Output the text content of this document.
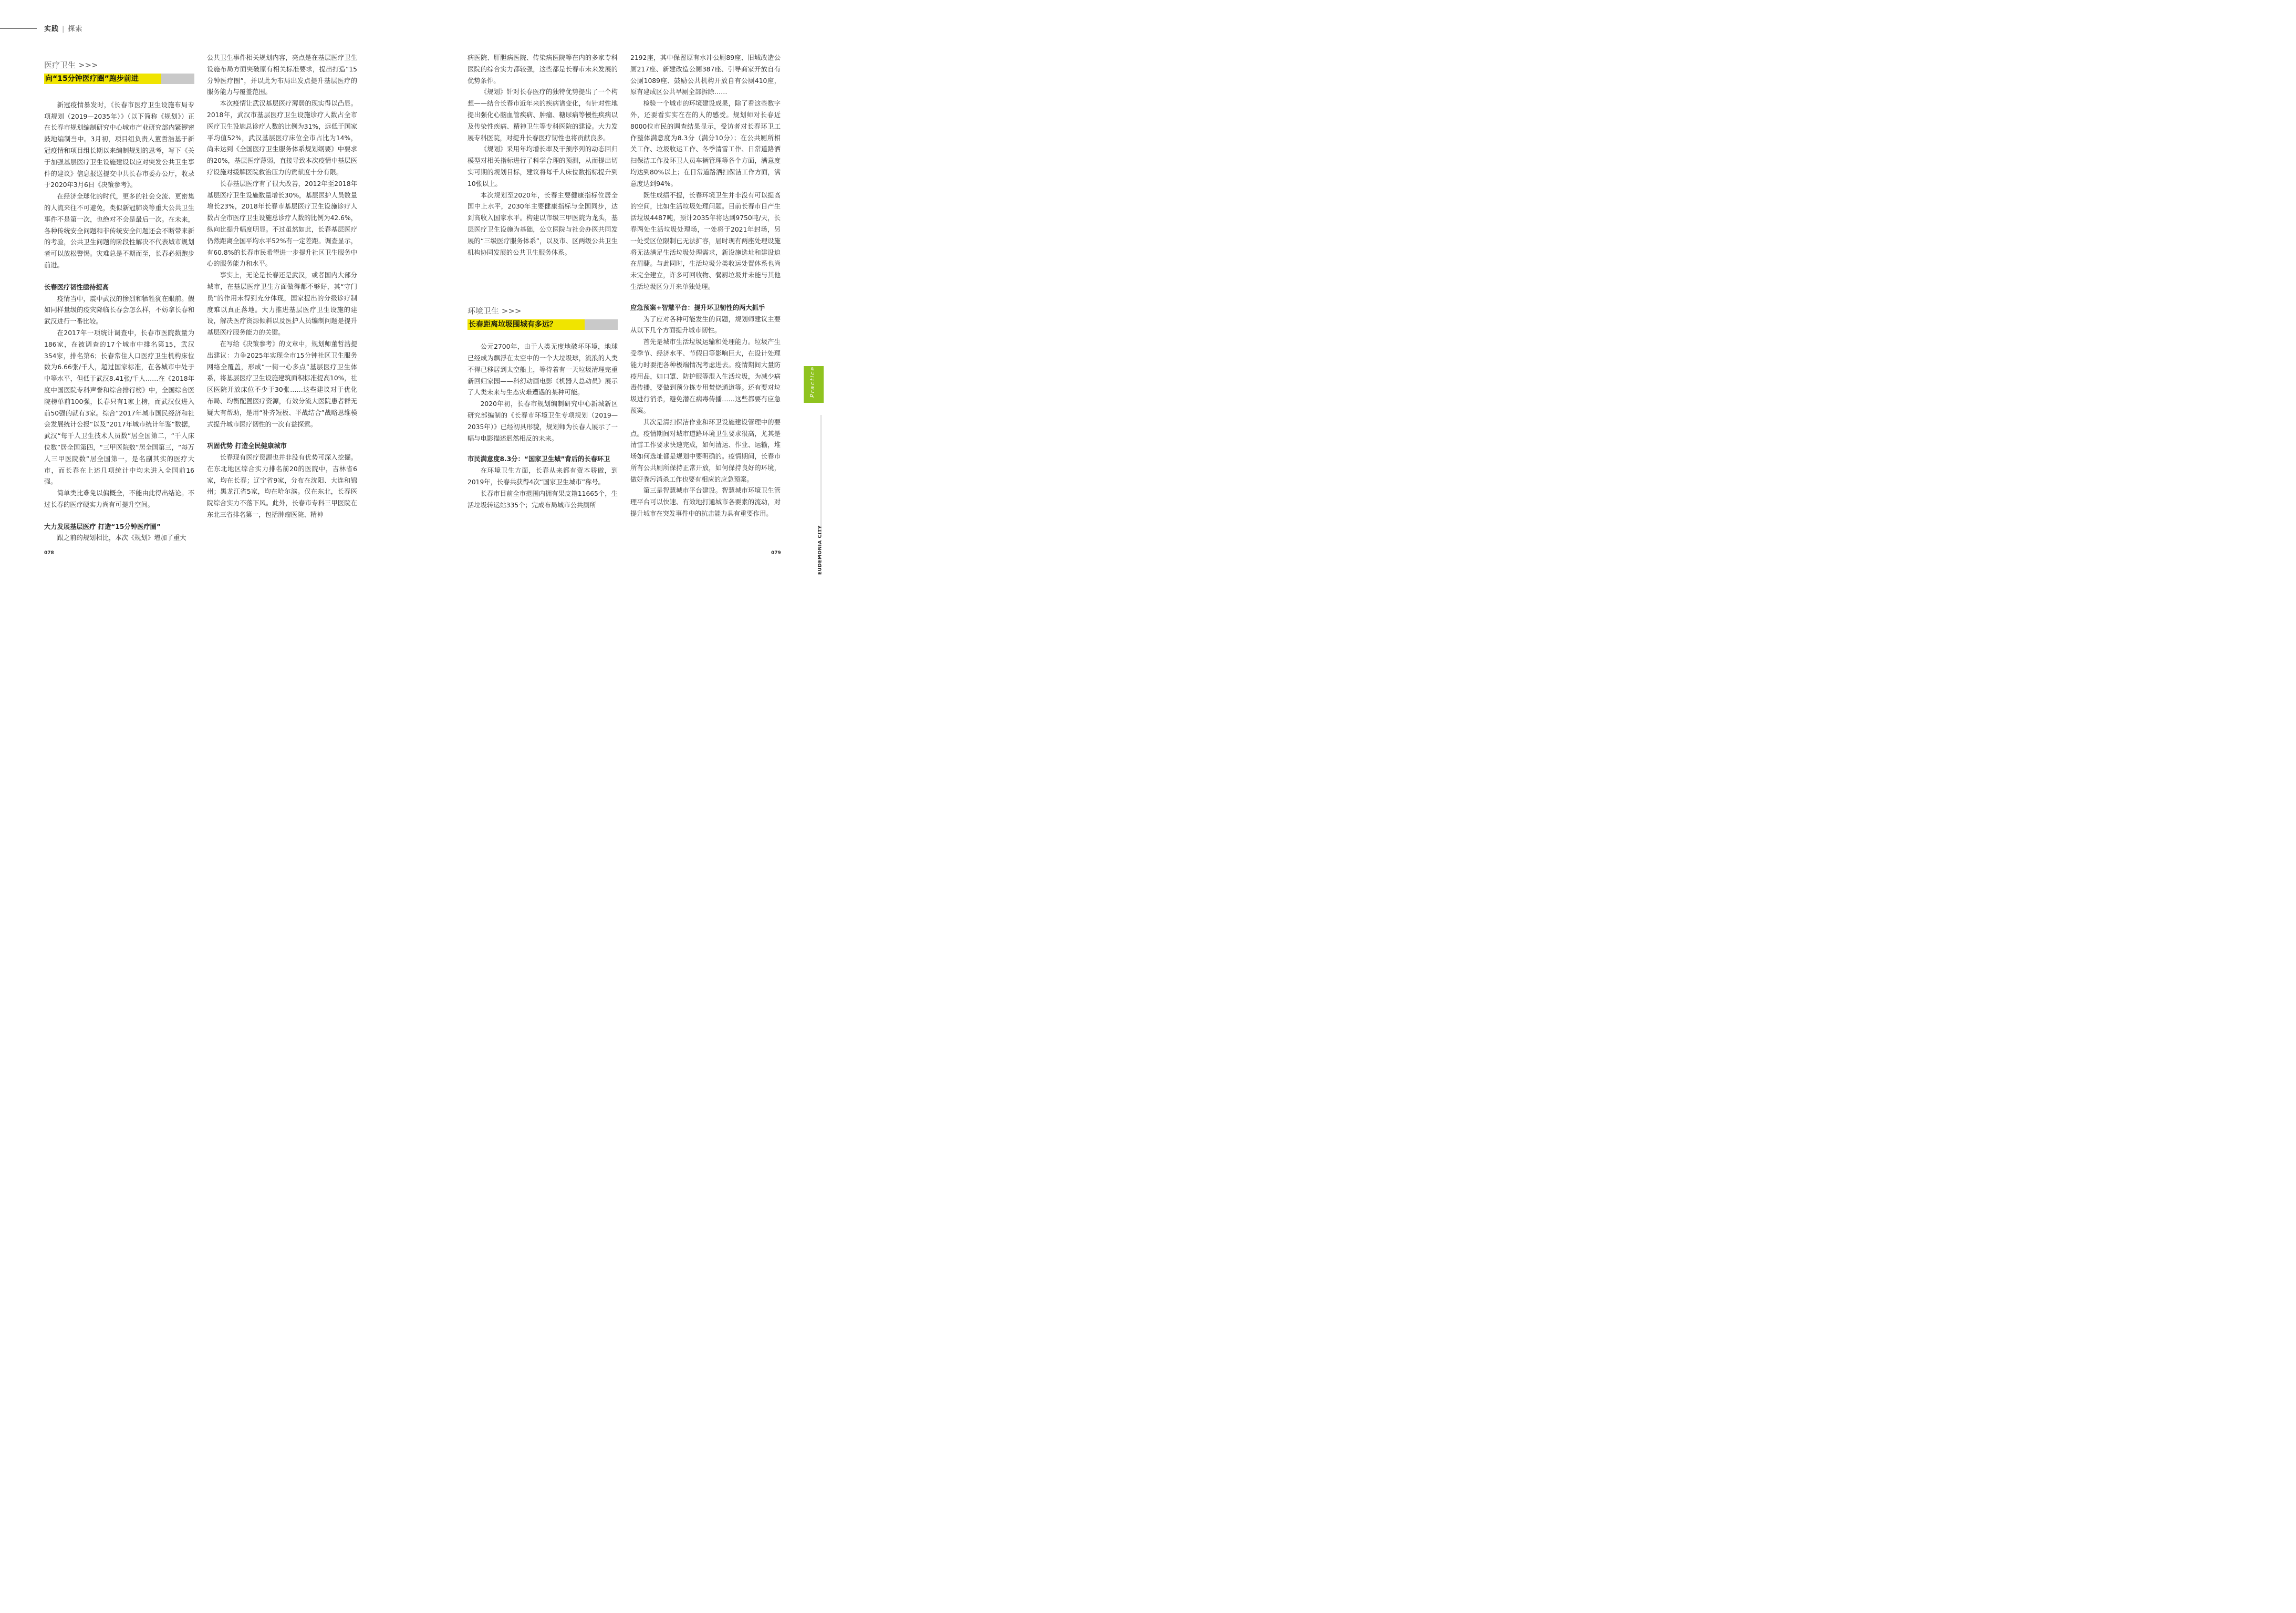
实践 | 探索
医疗卫生 >>>
向“15分钟医疗圈”跑步前进

新冠疫情暴发时，《长春市医疗卫生设施布局专项规划（2019—2035年）》（以下简称《规划》）正在长春市规划编制研究中心城市产业研究部内紧锣密鼓地编制当中。3月初，项目组负责人董哲浩基于新冠疫情和项目组长期以来编制规划的思考，写下《关于加强基层医疗卫生设施建设以应对突发公共卫生事件的建议》信息报送提交中共长春市委办公厅，收录于2020年3月6日《决策参考》。

在经济全球化的时代，更多的社会交流、更密集的人流来往不可避免，类似新冠肺炎等重大公共卫生事件不是第一次，也绝对不会是最后一次。在未来，各种传统安全问题和非传统安全问题还会不断带来新的考验，公共卫生问题的阶段性解决不代表城市规划者可以放松警惕。灾难总是不期而至，长春必须跑步前进。

长春医疗韧性亟待提高

疫情当中，震中武汉的惨烈和牺牲犹在眼前。假如同样量级的疫灾降临长春会怎么样，不妨拿长春和武汉进行一番比较。

在2017年一项统计调查中，长春市医院数量为186家，在被调查的17个城市中排名第15，武汉354家，排名第6；长春常住人口医疗卫生机构床位数为6.66张/千人，超过国家标准，在各城市中处于中等水平，但低于武汉8.41张/千人……在《2018年度中国医院专科声誉和综合排行榜》中，全国综合医院榜单前100强，长春只有1家上榜，而武汉仅进入前50强的就有3家。综合“2017年城市国民经济和社会发展统计公报”以及“2017年城市统计年鉴”数据，武汉“每千人卫生技术人员数”居全国第二，“千人床位数”居全国第四，“三甲医院数”居全国第三，“每万人三甲医院数”居全国第一，是名副其实的医疗大市，而长春在上述几项统计中均未进入全国前16强。

简单类比难免以偏概全，不能由此得出结论。不过长春的医疗硬实力尚有可提升空间。

大力发展基层医疗 打造“15分钟医疗圈”

跟之前的规划相比，本次《规划》增加了重大

公共卫生事件相关规划内容，亮点是在基层医疗卫生设施布局方面突破原有相关标准要求，提出打造“15分钟医疗圈”，并以此为布局出发点提升基层医疗的服务能力与覆盖范围。

本次疫情让武汉基层医疗薄弱的现实得以凸显。2018年，武汉市基层医疗卫生设施诊疗人数占全市医疗卫生设施总诊疗人数的比例为31%，远低于国家平均值52%，武汉基层医疗床位全市占比为14%，尚未达到《全国医疗卫生服务体系规划纲要》中要求的20%，基层医疗薄弱，直接导致本次疫情中基层医疗设施对缓解医院救治压力的贡献度十分有限。

长春基层医疗有了很大改善，2012年至2018年基层医疗卫生设施数量增长30%，基层医护人员数量增长23%，2018年长春市基层医疗卫生设施诊疗人数占全市医疗卫生设施总诊疗人数的比例为42.6%，纵向比提升幅度明显。不过虽然如此，长春基层医疗仍然距离全国平均水平52%有一定差距。调查显示，有60.8%的长春市民希望进一步提升社区卫生服务中心的服务能力和水平。

事实上，无论是长春还是武汉，或者国内大部分城市，在基层医疗卫生方面做得都不够好，其“守门员”的作用未得到充分体现，国家提出的分级诊疗制度难以真正落地。大力推进基层医疗卫生设施的建设，解决医疗资源倾斜以及医护人员编制问题是提升基层医疗服务能力的关键。

在写给《决策参考》的文章中，规划师董哲浩提出建议：力争2025年实现全市15分钟社区卫生服务网络全覆盖，形成“一街一心多点”基层医疗卫生体系，将基层医疗卫生设施建筑面积标准提高10%，社区医院开放床位不少于30张……这些建议对于优化布局、均衡配置医疗资源，有效分流大医院患者群无疑大有帮助，是用“补齐短板、平战结合”战略思维模式提升城市医疗韧性的一次有益探索。

巩固优势 打造全民健康城市

长春现有医疗资源也并非没有优势可深入挖掘。在东北地区综合实力排名前20的医院中，吉林省6家，均在长春；辽宁省9家，分布在沈阳、大连和锦州；黑龙江省5家，均在哈尔滨。仅在东北，长春医院综合实力不落下风。此外，长春市专科三甲医院在东北三省排名第一，包括肿瘤医院、精神

078

病医院、肝胆病医院、传染病医院等在内的多家专科医院的综合实力都较强，这些都是长春市未来发展的优势条件。

《规划》针对长春医疗的独特优势提出了一个构想——结合长春市近年来的疾病谱变化，有针对性地提出强化心脑血管疾病、肿瘤、糖尿病等慢性疾病以及传染性疾病、精神卫生等专科医院的建设。大力发展专科医院，对提升长春医疗韧性也将贡献良多。

《规划》采用年均增长率及干预序列的动态回归模型对相关指标进行了科学合理的预测，从而提出切实可期的规划目标，建议将每千人床位数指标提升到10张以上。

本次规划至2020年，长春主要健康指标位居全国中上水平，2030年主要健康指标与全国同步，达到高收入国家水平。构建以市级三甲医院为龙头，基层医疗卫生设施为基础，公立医院与社会办医共同发展的“三级医疗服务体系”，以及市、区两级公共卫生机构协同发展的公共卫生服务体系。

环境卫生 >>>
长春距离垃圾围城有多远？

公元2700年，由于人类无度地破坏环境，地球已经成为飘浮在太空中的一个大垃圾球，流浪的人类不得已移居到太空船上，等待着有一天垃圾清理完重新回归家园——科幻动画电影《机器人总动员》展示了人类未来与生态灾难遭遇的某种可能。

2020年初，长春市规划编制研究中心新城新区研究部编制的《长春市环境卫生专项规划（2019—2035年）》已经初具形貌，规划师为长春人展示了一幅与电影描述迥然相反的未来。

市民满意度8.3分：“国家卫生城”背后的长春环卫

在环境卫生方面，长春从来都有资本骄傲，到2019年，长春共获得4次“国家卫生城市”称号。

长春市目前全市范围内拥有果皮箱11665个，生活垃圾转运站335个；完成布局城市公共厕所

2192座，其中保留原有水冲公厕89座、旧城改造公厕217座、新建改造公厕387座、引导商家开放自有公厕1089座、鼓励公共机构开放自有公厕410座，原有建成区公共旱厕全部拆除……

检验一个城市的环境建设成果，除了看这些数字外，还要看实实在在的人的感受。规划师对长春近8000位市民的调查结果显示，受访者对长春环卫工作整体满意度为8.3分（满分10分）；在公共厕所相关工作、垃圾收运工作、冬季清雪工作、日常道路洒扫保洁工作及环卫人员车辆管理等各个方面，满意度均达到80%以上；在日常道路洒扫保洁工作方面，满意度达到94%。

既往成绩不提，长春环境卫生并非没有可以提高的空间，比如生活垃圾处理问题。目前长春市日产生活垃圾4487吨，预计2035年将达到9750吨/天，长春两处生活垃圾处理场，一处将于2021年封场，另一处受区位限制已无法扩容，届时现有两座处理设施将无法满足生活垃圾处理需求，新设施选址和建设迫在眉睫。与此同时，生活垃圾分类收运处置体系也尚未完全建立，许多可回收物、餐厨垃圾并未能与其他生活垃圾区分开来单独处理。

应急预案+智慧平台：提升环卫韧性的两大抓手

为了应对各种可能发生的问题，规划师建议主要从以下几个方面提升城市韧性。

首先是城市生活垃圾运输和处理能力。垃圾产生受季节、经济水平、节假日等影响巨大，在设计处理能力时要把各种极端情况考虑进去。疫情期间大量防疫用品，如口罩、防护服等混入生活垃圾，为减少病毒传播，要做到预分拣专用焚烧通道等。还有要对垃圾进行消杀，避免潜在病毒传播……这些都要有应急预案。

其次是清扫保洁作业和环卫设施建设管理中的要点。疫情期间对城市道路环境卫生要求很高，尤其是清雪工作要求快速完成，如何清运、作业、运输，堆场如何选址都是规划中要明确的。疫情期间，长春市所有公共厕所保持正常开放，如何保持良好的环境，做好粪污消杀工作也要有相应的应急预案。

第三是智慧城市平台建设。智慧城市环境卫生管理平台可以快速、有效地打通城市各要素的流动，对提升城市在突发事件中的抗击能力具有重要作用。

079
Practice
EUDEMONIA CITY
